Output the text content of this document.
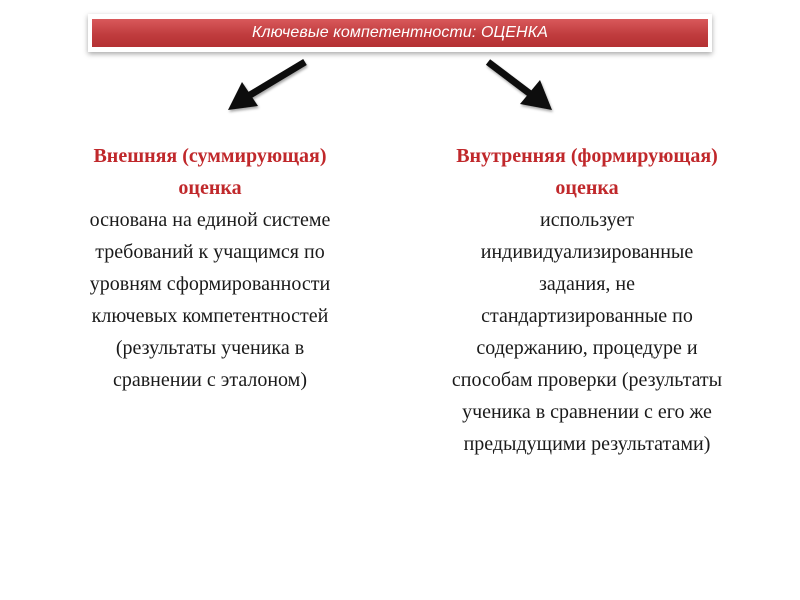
Ключевые компетентности: ОЦЕНКА
Внешняя (суммирующая)
оценка
основана на единой системе
требований к учащимся по
уровням сформированности
ключевых компетентностей
(результаты ученика в
сравнении с эталоном)
Внутренняя (формирующая)
оценка
использует
индивидуализированные
задания, не
стандартизированные по
содержанию, процедуре и
способам проверки (результаты
ученика в сравнении с его же
предыдущими результатами)
